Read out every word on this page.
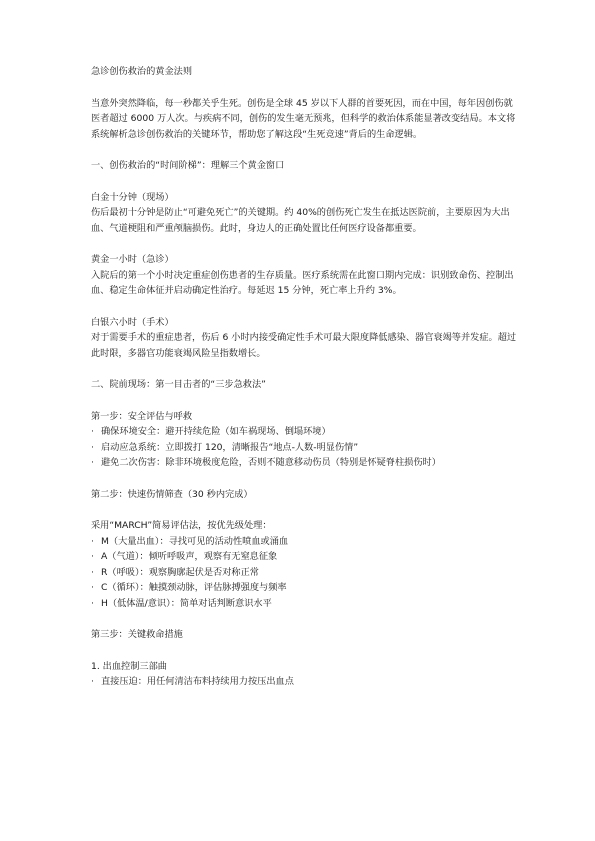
急诊创伤救治的黄金法则

当意外突然降临，每一秒都关乎生死。创伤是全球 45 岁以下人群的首要死因，而在中国，每年因创伤就医者超过 6000 万人次。与疾病不同，创伤的发生毫无预兆，但科学的救治体系能显著改变结局。本文将系统解析急诊创伤救治的关键环节，帮助您了解这段“生死竞速”背后的生命逻辑。

一、创伤救治的“时间阶梯”：理解三个黄金窗口

白金十分钟（现场）

伤后最初十分钟是防止“可避免死亡”的关键期。约 40%的创伤死亡发生在抵达医院前，主要原因为大出血、气道梗阻和严重颅脑损伤。此时，身边人的正确处置比任何医疗设备都重要。

黄金一小时（急诊）

入院后的第一个小时决定重症创伤患者的生存质量。医疗系统需在此窗口期内完成：识别致命伤、控制出血、稳定生命体征并启动确定性治疗。每延迟 15 分钟，死亡率上升约 3%。

白银六小时（手术）

对于需要手术的重症患者，伤后 6 小时内接受确定性手术可最大限度降低感染、器官衰竭等并发症。超过此时限，多器官功能衰竭风险呈指数增长。

二、院前现场：第一目击者的“三步急救法”

第一步：安全评估与呼救

· 确保环境安全：避开持续危险（如车祸现场、倒塌环境）
· 启动应急系统：立即拨打 120，清晰报告“地点-人数-明显伤情”
· 避免二次伤害：除非环境极度危险，否则不随意移动伤员（特别是怀疑脊柱损伤时）

第二步：快速伤情筛查（30 秒内完成）

采用“MARCH”简易评估法，按优先级处理：

· M（大量出血）：寻找可见的活动性喷血或涌血
· A（气道）：倾听呼吸声，观察有无窒息征象
· R（呼吸）：观察胸廓起伏是否对称正常
· C（循环）：触摸颈动脉，评估脉搏强度与频率
· H（低体温/意识）：简单对话判断意识水平

第三步：关键救命措施

1. 出血控制三部曲

· 直接压迫：用任何清洁布料持续用力按压出血点
